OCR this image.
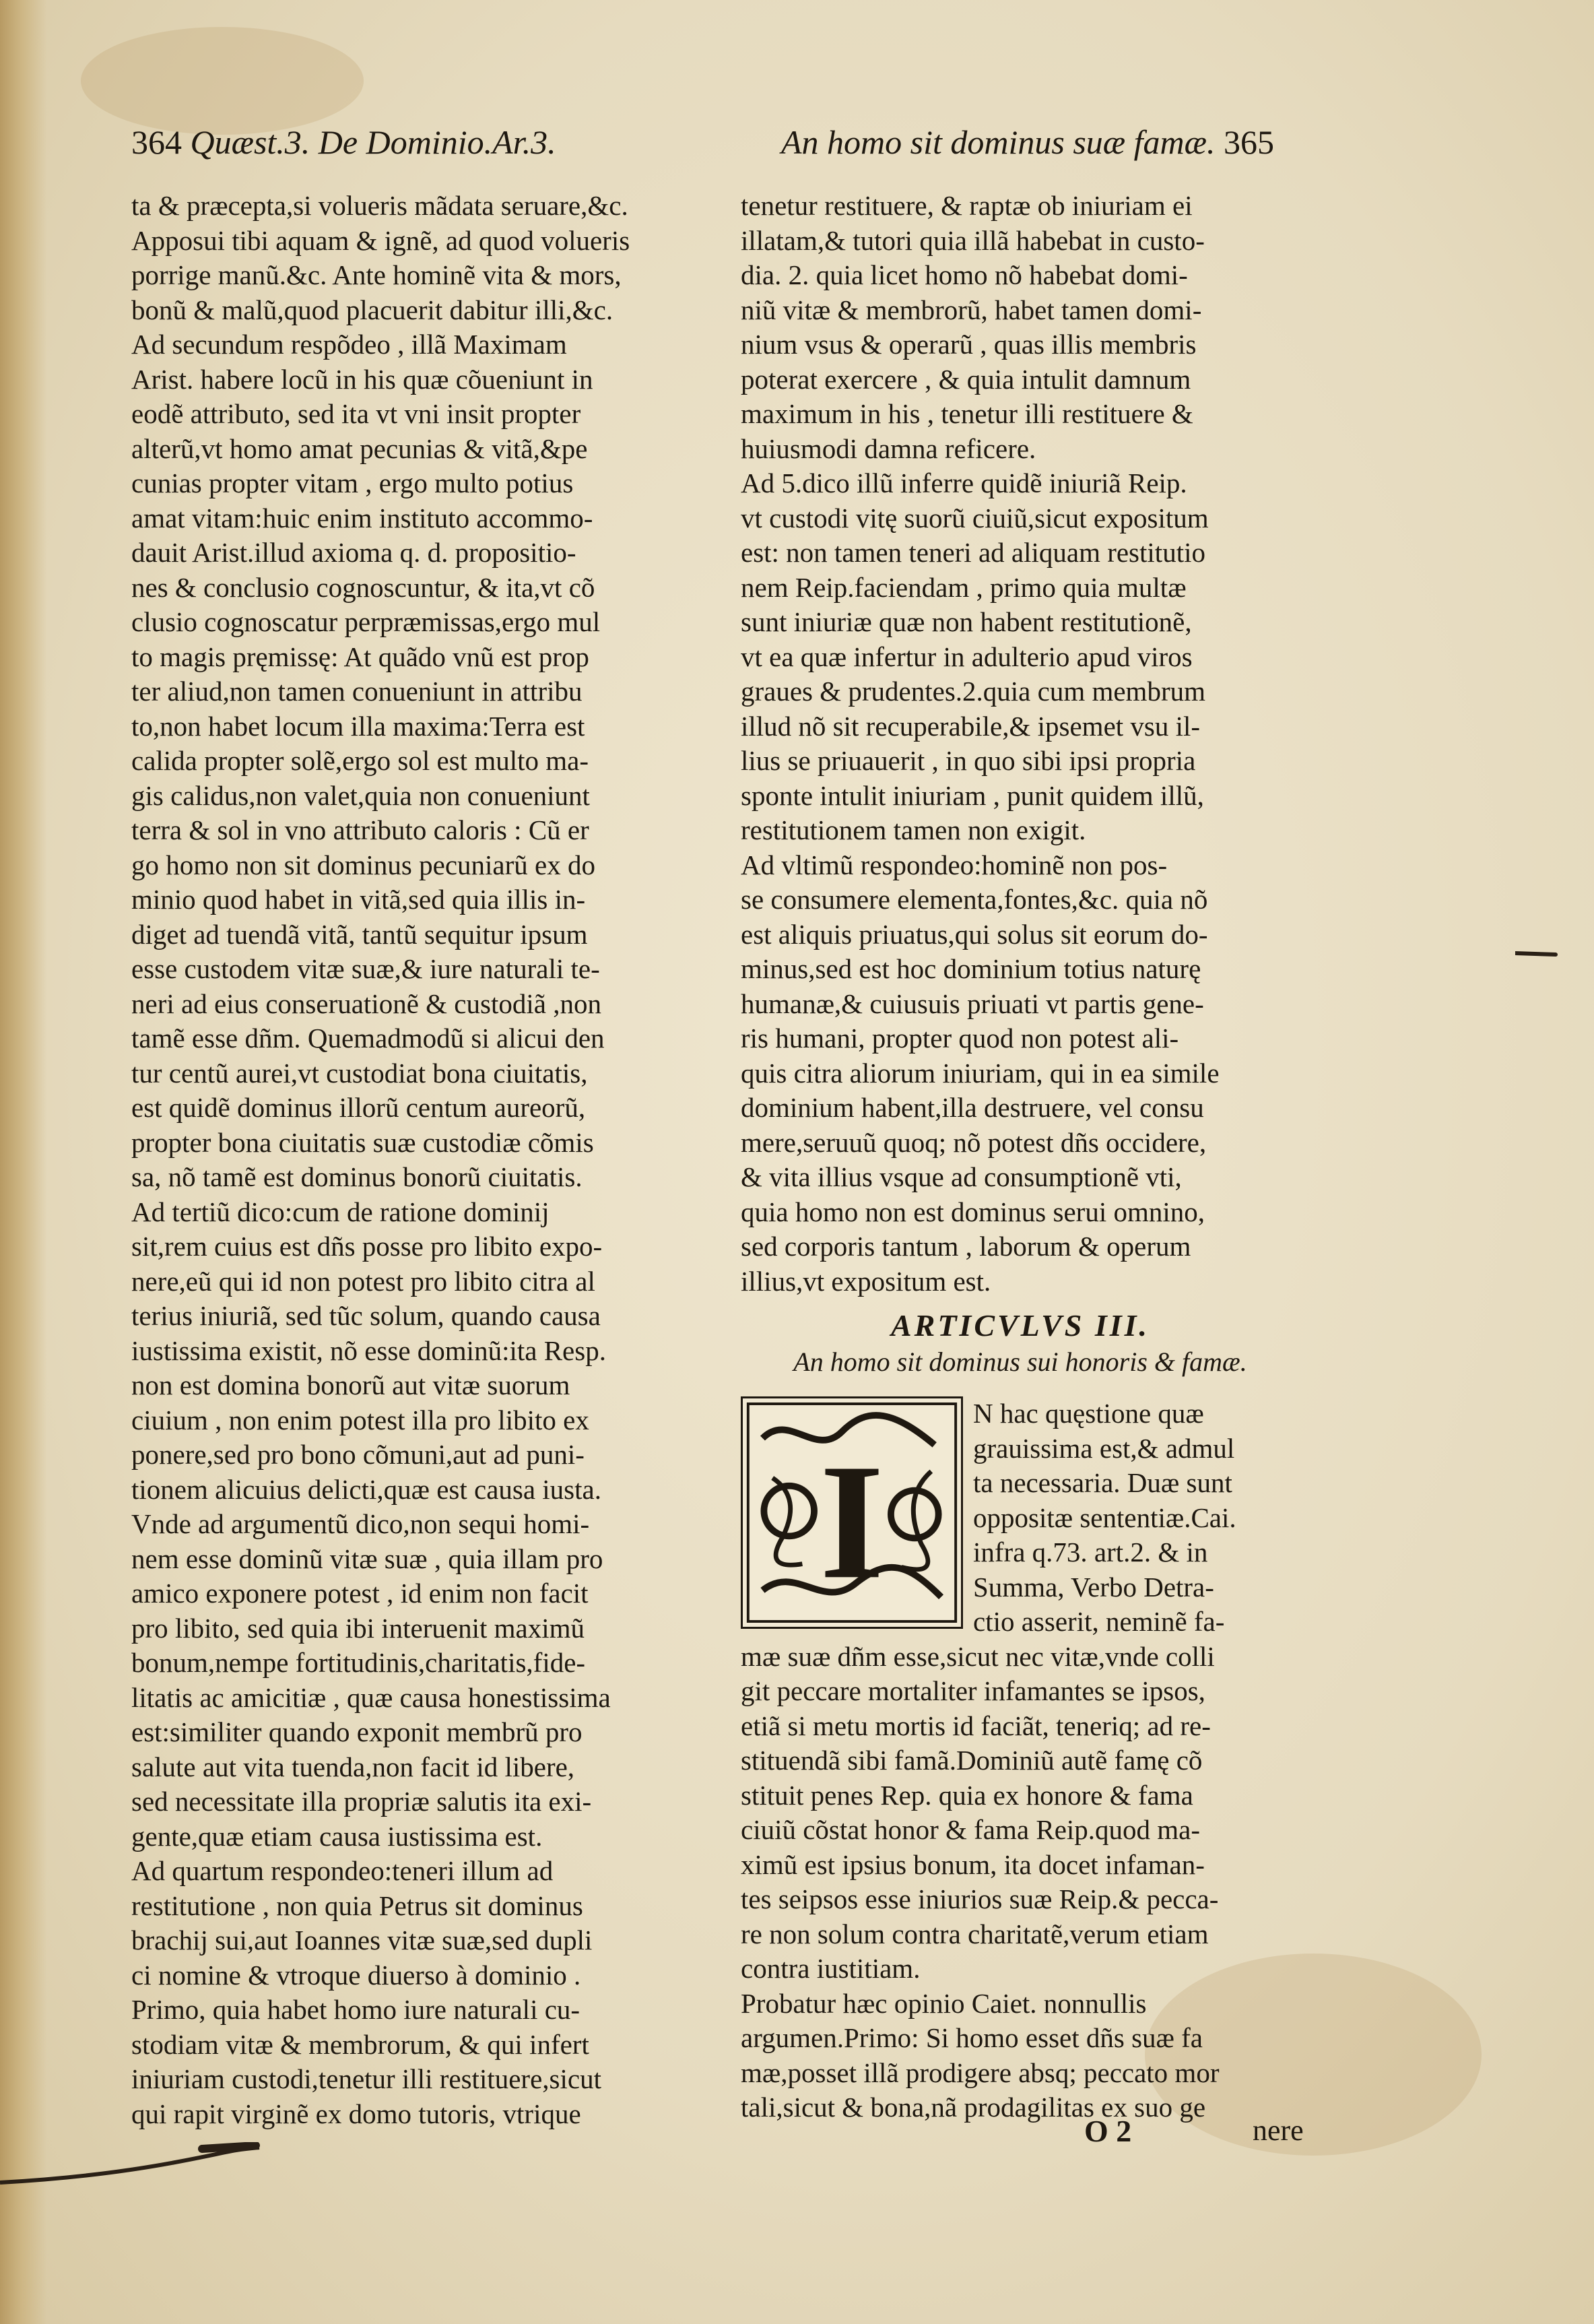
364 Quæst.3. De Dominio.Ar.3.	An homo sit dominus suæ famæ. 365
ta & præcepta,si volueris mãdata seruare,&c.
Apposui tibi aquam & ignẽ, ad quod volueris
porrige manũ.&c. Ante hominẽ vita & mors,
bonũ & malũ,quod placuerit dabitur illi,&c.
Ad secundum respõdeo , illã Maximam
Arist. habere locũ in his quæ cõueniunt in
eodẽ attributo, sed ita vt vni insit propter
alterũ,vt homo amat pecunias & vitã,&pe
cunias propter vitam , ergo multo potius
amat vitam:huic enim instituto accommo-
dauit Arist.illud axioma q. d. propositio-
nes & conclusio cognoscuntur, & ita,vt cõ
clusio cognoscatur perpræmissas,ergo mul
to magis pręmissę: At quãdo vnũ est prop
ter aliud,non tamen conueniunt in attribu
to,non habet locum illa maxima:Terra est
calida propter solẽ,ergo sol est multo ma-
gis calidus,non valet,quia non conueniunt
terra & sol in vno attributo caloris : Cũ er
go homo non sit dominus pecuniarũ ex do
minio quod habet in vitã,sed quia illis in-
diget ad tuendã vitã, tantũ sequitur ipsum
esse custodem vitæ suæ,& iure naturali te-
neri ad eius conseruationẽ & custodiã ,non
tamẽ esse dñm. Quemadmodũ si alicui den
tur centũ aurei,vt custodiat bona ciuitatis,
est quidẽ dominus illorũ centum aureorũ,
propter bona ciuitatis suæ custodiæ cõmis
sa, nõ tamẽ est dominus bonorũ ciuitatis.
Ad tertiũ dico:cum de ratione dominij
sit,rem cuius est dñs posse pro libito expo-
nere,eũ qui id non potest pro libito citra al
terius iniuriã, sed tũc solum, quando causa
iustissima existit, nõ esse dominũ:ita Resp.
non est domina bonorũ aut vitæ suorum
ciuium , non enim potest illa pro libito ex
ponere,sed pro bono cõmuni,aut ad puni-
tionem alicuius delicti,quæ est causa iusta.
Vnde ad argumentũ dico,non sequi homi-
nem esse dominũ vitæ suæ , quia illam pro
amico exponere potest , id enim non facit
pro libito, sed quia ibi interuenit maximũ
bonum,nempe fortitudinis,charitatis,fide-
litatis ac amicitiæ , quæ causa honestissima
est:similiter quando exponit membrũ pro
salute aut vita tuenda,non facit id libere,
sed necessitate illa propriæ salutis ita exi-
gente,quæ etiam causa iustissima est.
Ad quartum respondeo:teneri illum ad
restitutione , non quia Petrus sit dominus
brachij sui,aut Ioannes vitæ suæ,sed dupli
ci nomine & vtroque diuerso à dominio .
Primo, quia habet homo iure naturali cu-
stodiam vitæ & membrorum, & qui infert
iniuriam custodi,tenetur illi restituere,sicut
qui rapit virginẽ ex domo tutoris, vtrique
tenetur restituere, & raptæ ob iniuriam ei
illatam,& tutori quia illã habebat in custo-
dia. 2. quia licet homo nõ habebat domi-
niũ vitæ & membrorũ, habet tamen domi-
nium vsus & operarũ , quas illis membris
poterat exercere , & quia intulit damnum
maximum in his , tenetur illi restituere &
huiusmodi damna reficere.
Ad 5.dico illũ inferre quidẽ iniuriã Reip.
vt custodi vitę suorũ ciuiũ,sicut expositum
est: non tamen teneri ad aliquam restitutio
nem Reip.faciendam , primo quia multæ
sunt iniuriæ quæ non habent restitutionẽ,
vt ea quæ infertur in adulterio apud viros
graues & prudentes.2.quia cum membrum
illud nõ sit recuperabile,& ipsemet vsu il-
lius se priuauerit , in quo sibi ipsi propria
sponte intulit iniuriam , punit quidem illũ,
restitutionem tamen non exigit.
Ad vltimũ respondeo:hominẽ non pos-
se consumere elementa,fontes,&c. quia nõ
est aliquis priuatus,qui solus sit eorum do-
minus,sed est hoc dominium totius naturę
humanæ,& cuiusuis priuati vt partis gene-
ris humani, propter quod non potest ali-
quis citra aliorum iniuriam, qui in ea simile
dominium habent,illa destruere, vel consu
mere,seruuũ quoq; nõ potest dñs occidere,
& vita illius vsque ad consumptionẽ vti,
quia homo non est dominus serui omnino,
sed corporis tantum , laborum & operum
illius,vt expositum est.
ARTICVLVS III.
An homo sit dominus sui honoris & famæ.
I
N hac quęstione quæ
grauissima est,& admul
ta necessaria. Duæ sunt
oppositæ sententiæ.Cai.
infra q.73. art.2. & in
Summa, Verbo Detra-
ctio asserit, neminẽ fa-
mæ suæ dñm esse,sicut nec vitæ,vnde colli
git peccare mortaliter infamantes se ipsos,
etiã si metu mortis id faciãt, teneriq; ad re-
stituendã sibi famã.Dominiũ autẽ famę cõ
stituit penes Rep. quia ex honore & fama
ciuiũ cõstat honor & fama Reip.quod ma-
ximũ est ipsius bonum, ita docet infaman-
tes seipsos esse iniurios suæ Reip.& pecca-
re non solum contra charitatẽ,verum etiam
contra iustitiam.
Probatur hæc opinio Caiet. nonnullis
argumen.Primo: Si homo esset dñs suæ fa
mæ,posset illã prodigere absq; peccato mor
tali,sicut & bona,nã prodagilitas ex suo ge
O 2	nere
